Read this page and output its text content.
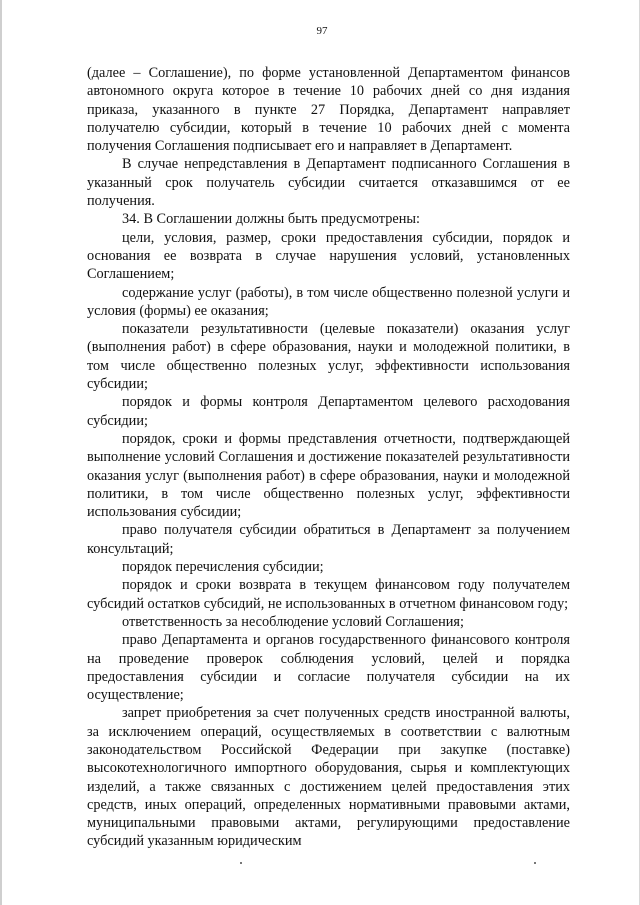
97

(далее – Соглашение), по форме установленной Департаментом финансов автономного округа которое в течение 10 рабочих дней со дня издания приказа, указанного в пункте 27 Порядка, Департамент направляет получателю субсидии, который в течение 10 рабочих дней с момента получения Соглашения подписывает его и направляет в Департамент.

В случае непредставления в Департамент подписанного Соглашения в указанный срок получатель субсидии считается отказавшимся от ее получения.

34. В Соглашении должны быть предусмотрены:

цели, условия, размер, сроки предоставления субсидии, порядок и основания ее возврата в случае нарушения условий, установленных Соглашением;

содержание услуг (работы), в том числе общественно полезной услуги и условия (формы) ее оказания;

показатели результативности (целевые показатели) оказания услуг (выполнения работ) в сфере образования, науки и молодежной политики, в том числе общественно полезных услуг, эффективности использования субсидии;

порядок и формы контроля Департаментом целевого расходования субсидии;

порядок, сроки и формы представления отчетности, подтверждающей выполнение условий Соглашения и достижение показателей результативности оказания услуг (выполнения работ) в сфере образования, науки и молодежной политики, в том числе общественно полезных услуг, эффективности использования субсидии;

право получателя субсидии обратиться в Департамент за получением консультаций;

порядок перечисления субсидии;

порядок и сроки возврата в текущем финансовом году получателем субсидий остатков субсидий, не использованных в отчетном финансовом году;

ответственность за несоблюдение условий Соглашения;

право Департамента и органов государственного финансового контроля на проведение проверок соблюдения условий, целей и порядка предоставления субсидии и согласие получателя субсидии на их осуществление;

запрет приобретения за счет полученных средств иностранной валюты, за исключением операций, осуществляемых в соответствии с валютным законодательством Российской Федерации при закупке (поставке) высокотехнологичного импортного оборудования, сырья и комплектующих изделий, а также связанных с достижением целей предоставления этих средств, иных операций, определенных нормативными правовыми актами, муниципальными правовыми актами, регулирующими предоставление субсидий указанным юридическим
